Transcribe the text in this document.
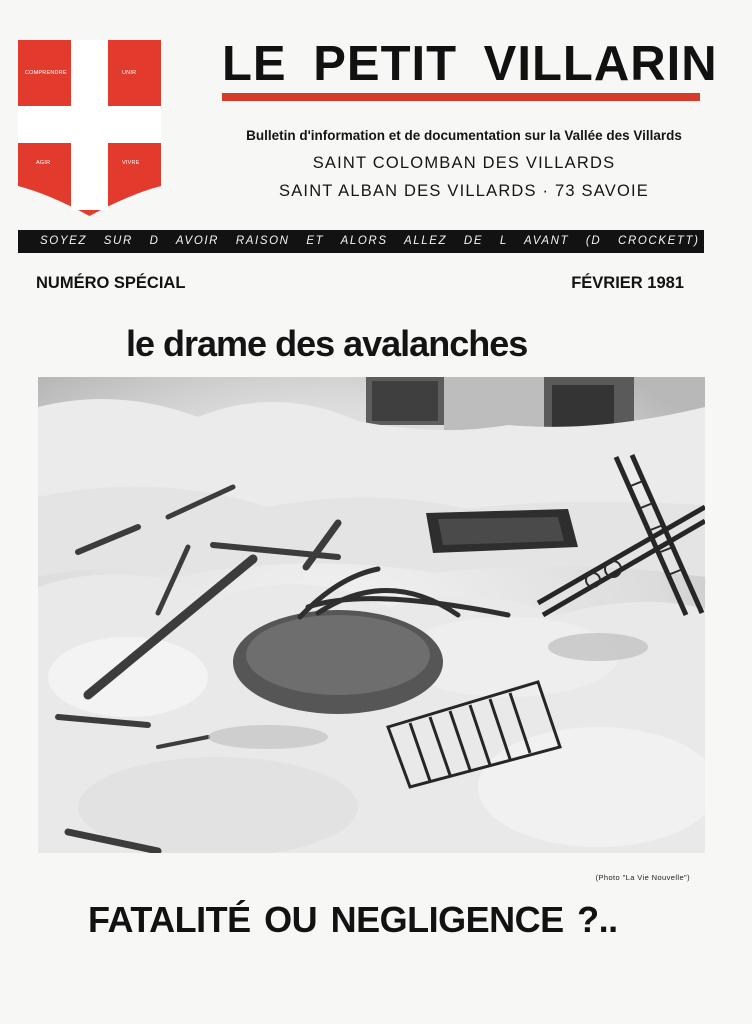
COMPRENDRE	UNIR
AGIR	VIVRE
LE PETIT VILLARIN
Bulletin d'information et de documentation sur la Vallée des Villards
SAINT COLOMBAN DES VILLARDS
SAINT ALBAN DES VILLARDS · 73 SAVOIE
SOYEZ SUR D AVOIR RAISON ET ALORS ALLEZ DE L AVANT (D CROCKETT)
NUMÉRO SPÉCIAL	FÉVRIER 1981
le drame des avalanches
(Photo "La Vie Nouvelle")
FATALITÉ OU NEGLIGENCE ?..
